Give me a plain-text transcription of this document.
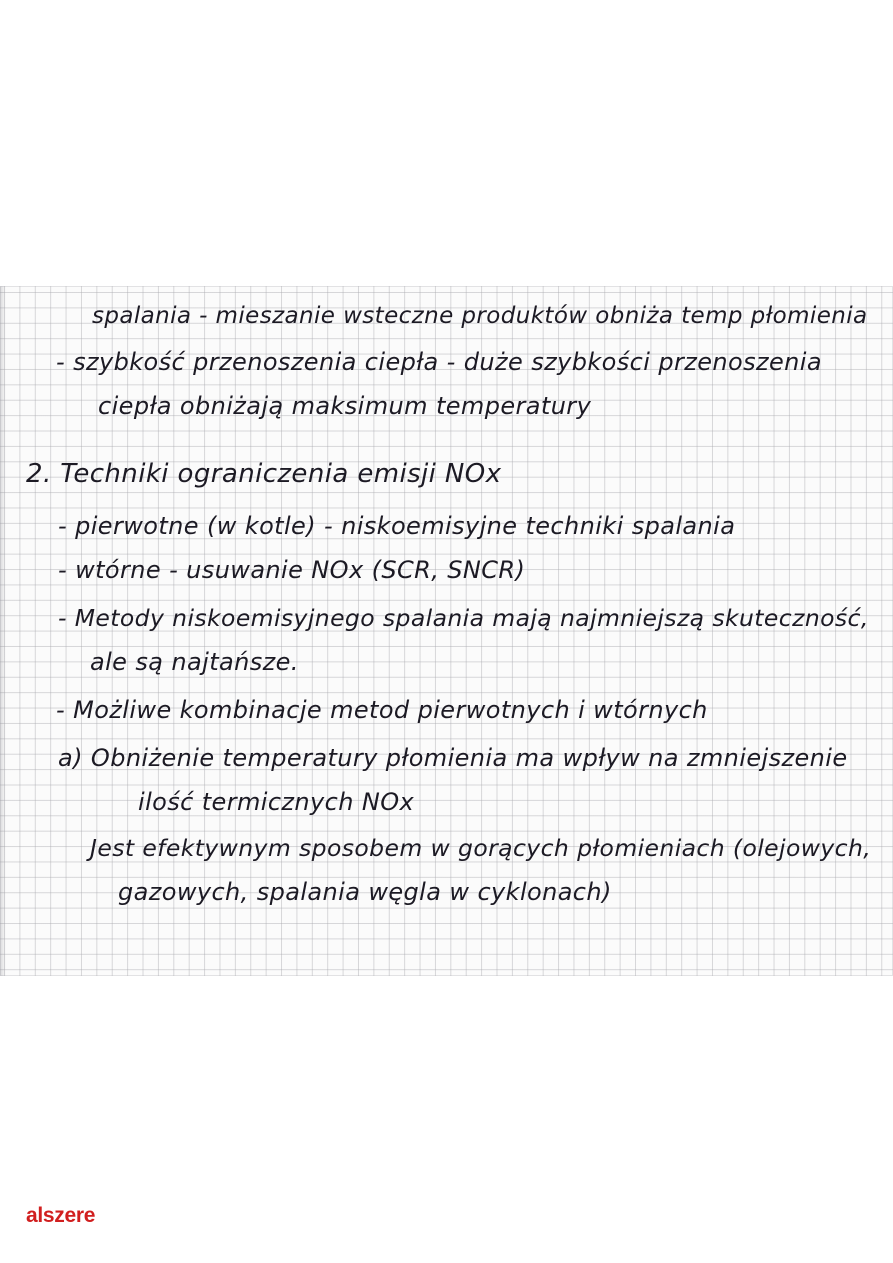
spalania - mieszanie wsteczne produktów obniża temp płomienia

- szybkość przenoszenia ciepła - duże szybkości przenoszenia

ciepła obniżają maksimum temperatury

2. Techniki ograniczenia emisji NOx

- pierwotne (w kotle) - niskoemisyjne techniki spalania

- wtórne - usuwanie NOx (SCR, SNCR)

- Metody niskoemisyjnego spalania mają najmniejszą skuteczność,

ale są najtańsze.

- Możliwe kombinacje metod pierwotnych i wtórnych

a) Obniżenie temperatury płomienia ma wpływ na zmniejszenie

ilość termicznych NOx

Jest efektywnym sposobem w gorących płomieniach (olejowych,

gazowych, spalania węgla w cyklonach)

alszere
